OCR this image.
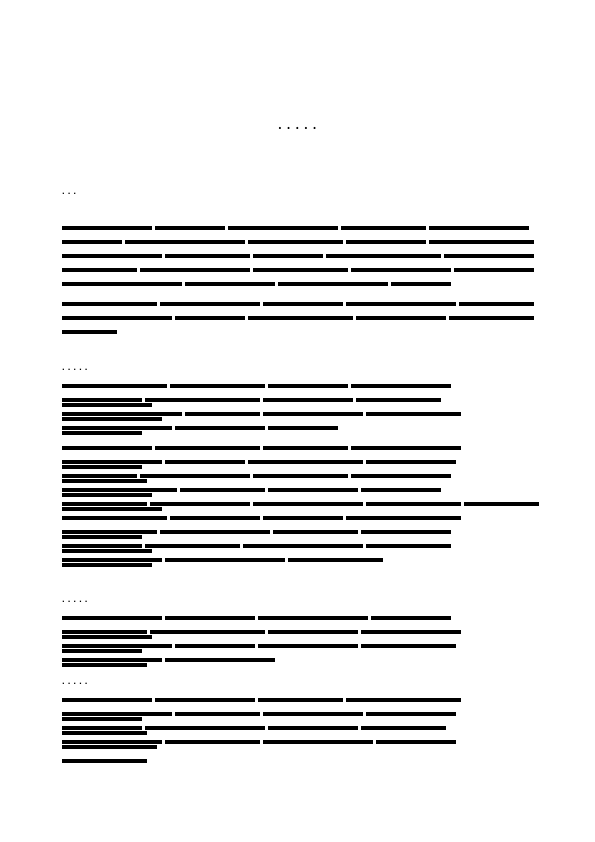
· · · · ·
· · ·
· · · · ·
· · · · ·
· · · · ·
